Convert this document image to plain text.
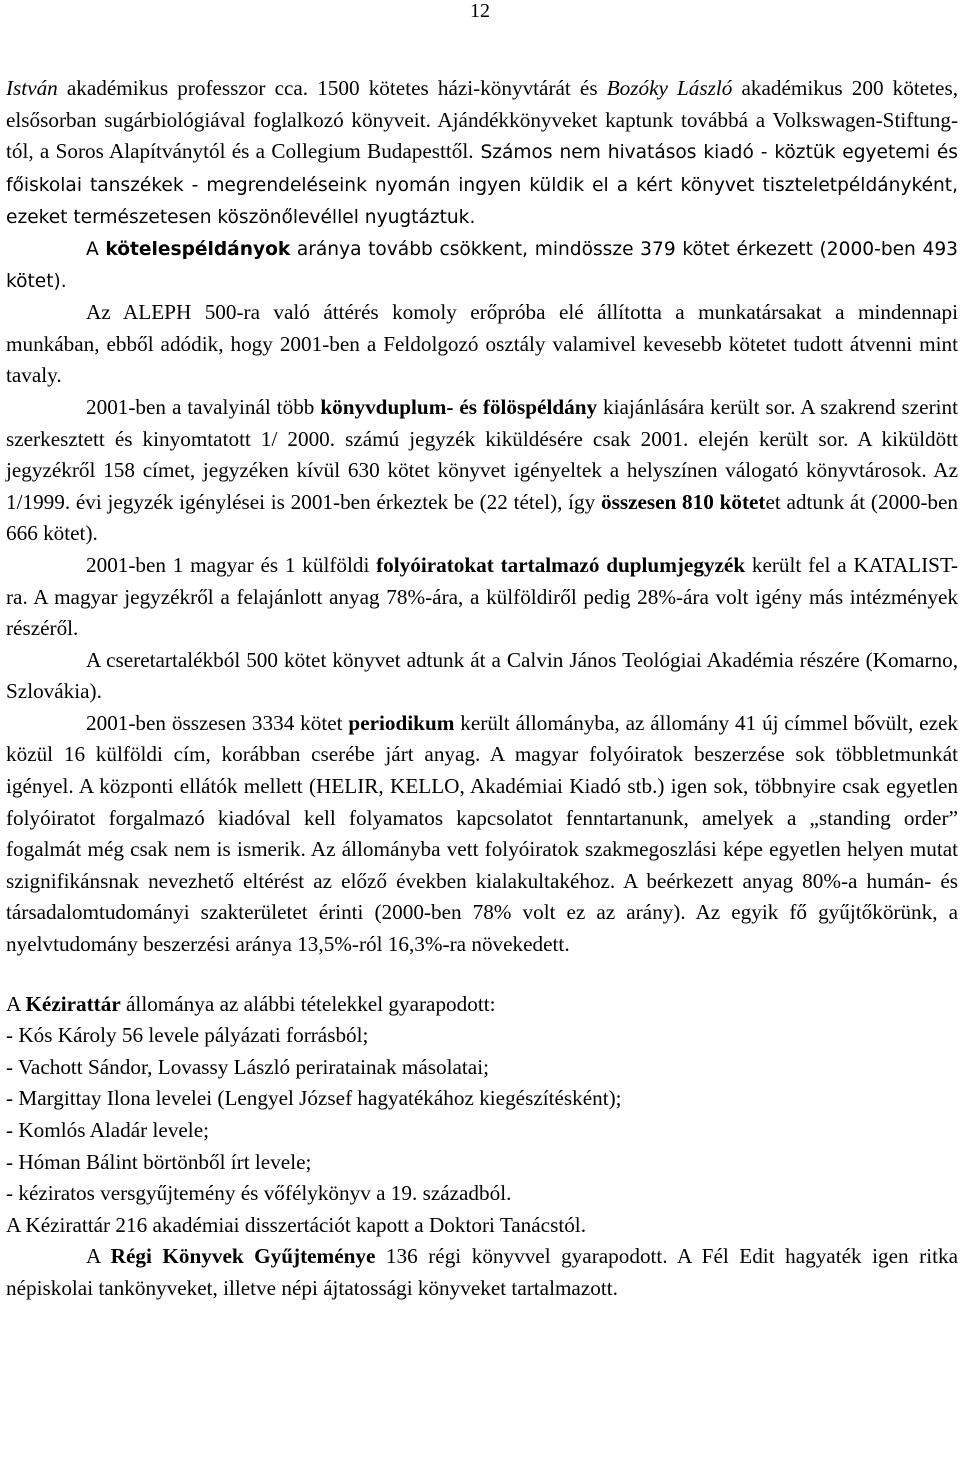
12

István akadémikus professzor cca. 1500 kötetes házi-könyvtárát és Bozóky László akadémikus 200 kötetes, elsősorban sugárbiológiával foglalkozó könyveit. Ajándékkönyveket kaptunk továbbá a Volkswagen-Stiftung-tól, a Soros Alapítványtól és a Collegium Budapesttől. Számos nem hivatásos kiadó - köztük egyetemi és főiskolai tanszékek - megrendeléseink nyomán ingyen küldik el a kért könyvet tiszteletpéldányként, ezeket természetesen köszönőlevéllel nyugtáztuk.

A kötelespéldányok aránya tovább csökkent, mindössze 379 kötet érkezett (2000-ben 493 kötet).

Az ALEPH 500-ra való áttérés komoly erőpróba elé állította a munkatársakat a mindennapi munkában, ebből adódik, hogy 2001-ben a Feldolgozó osztály valamivel kevesebb kötetet tudott átvenni mint tavaly.

2001-ben a tavalyinál több könyvduplum- és fölöspéldány kiajánlására került sor. A szakrend szerint szerkesztett és kinyomtatott 1/ 2000. számú jegyzék kiküldésére csak 2001. elején került sor. A kiküldött jegyzékről 158 címet, jegyzéken kívül 630 kötet könyvet igényeltek a helyszínen válogató könyvtárosok. Az 1/1999. évi jegyzék igénylései is 2001-ben érkeztek be (22 tétel), így összesen 810 kötetet adtunk át (2000-ben 666 kötet).

2001-ben 1 magyar és 1 külföldi folyóiratokat tartalmazó duplumjegyzék került fel a KATALIST-ra. A magyar jegyzékről a felajánlott anyag 78%-ára, a külföldiről pedig 28%-ára volt igény más intézmények részéről.

A cseretartalékból 500 kötet könyvet adtunk át a Calvin János Teológiai Akadémia részére (Komarno, Szlovákia).

2001-ben összesen 3334 kötet periodikum került állományba, az állomány 41 új címmel bővült, ezek közül 16 külföldi cím, korábban cserébe járt anyag. A magyar folyóiratok beszerzése sok többletmunkát igényel. A központi ellátók mellett (HELIR, KELLO, Akadémiai Kiadó stb.) igen sok, többnyire csak egyetlen folyóiratot forgalmazó kiadóval kell folyamatos kapcsolatot fenntartanunk, amelyek a „standing order” fogalmát még csak nem is ismerik. Az állományba vett folyóiratok szakmegoszlási képe egyetlen helyen mutat szignifikánsnak nevezhető eltérést az előző években kialakultakéhoz. A beérkezett anyag 80%-a humán- és társadalomtudományi szakterületet érinti (2000-ben 78% volt ez az arány). Az egyik fő gyűjtőkörünk, a nyelvtudomány beszerzési aránya 13,5%-ról 16,3%-ra növekedett.

A Kézirattár állománya az alábbi tételekkel gyarapodott:

- Kós Károly 56 levele pályázati forrásból;
- Vachott Sándor, Lovassy László periratainak másolatai;
- Margittay Ilona levelei (Lengyel József hagyatékához kiegészítésként);
- Komlós Aladár levele;
- Hóman Bálint börtönből írt levele;
- kéziratos versgyűjtemény és vőfélykönyv a 19. századból.

A Kézirattár 216 akadémiai disszertációt kapott a Doktori Tanácstól.

A Régi Könyvek Gyűjteménye 136 régi könyvvel gyarapodott. A Fél Edit hagyaték igen ritka népiskolai tankönyveket, illetve népi ájtatossági könyveket tartalmazott.
